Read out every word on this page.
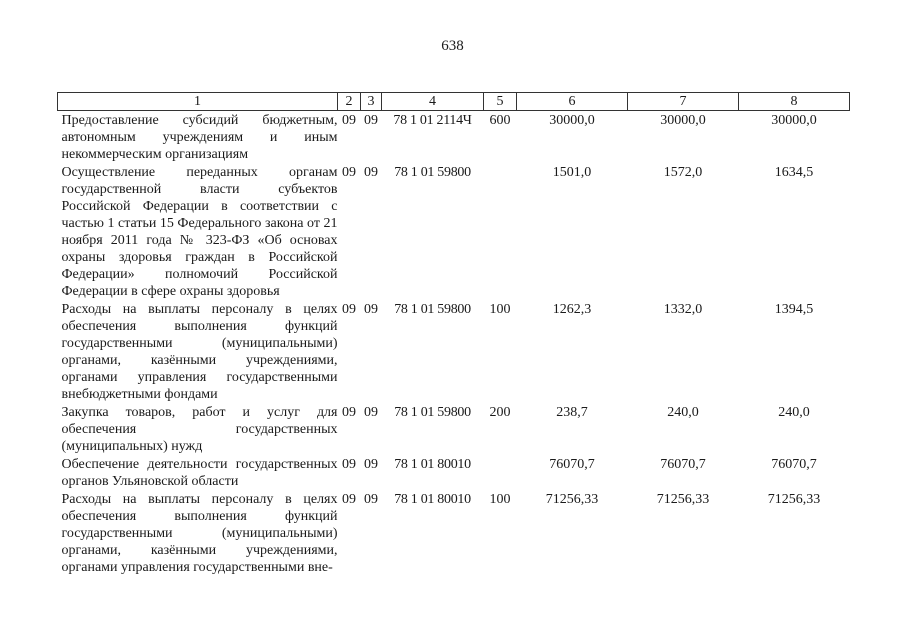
638
1	2	3	4	5	6	7	8
Предоставление субсидий бюджетным, автономным учреждениям и иным некоммерческим организациям	09	09	78 1 01 2114Ч	600	30000,0	30000,0	30000,0
Осуществление переданных органам государственной власти субъектов Российской Федерации в соответствии с частью 1 статьи 15 Федерального закона от 21 ноября 2011 года № 323-ФЗ «Об основах охраны здоровья граждан в Российской Федерации» полномочий Российской Федерации в сфере охраны здоровья	09	09	78 1 01 59800		1501,0	1572,0	1634,5
Расходы на выплаты персоналу в целях обеспечения выполнения функций государственными (муниципальными) органами, казёнными учреждениями, органами управления государственными внебюджетными фондами	09	09	78 1 01 59800	100	1262,3	1332,0	1394,5
Закупка товаров, работ и услуг для обеспечения государственных (муниципальных) нужд	09	09	78 1 01 59800	200	238,7	240,0	240,0
Обеспечение деятельности государственных органов Ульяновской области	09	09	78 1 01 80010		76070,7	76070,7	76070,7
Расходы на выплаты персоналу в целях обеспечения выполнения функций государственными (муниципальными) органами, казёнными учреждениями, органами управления государственными вне-	09	09	78 1 01 80010	100	71256,33	71256,33	71256,33
